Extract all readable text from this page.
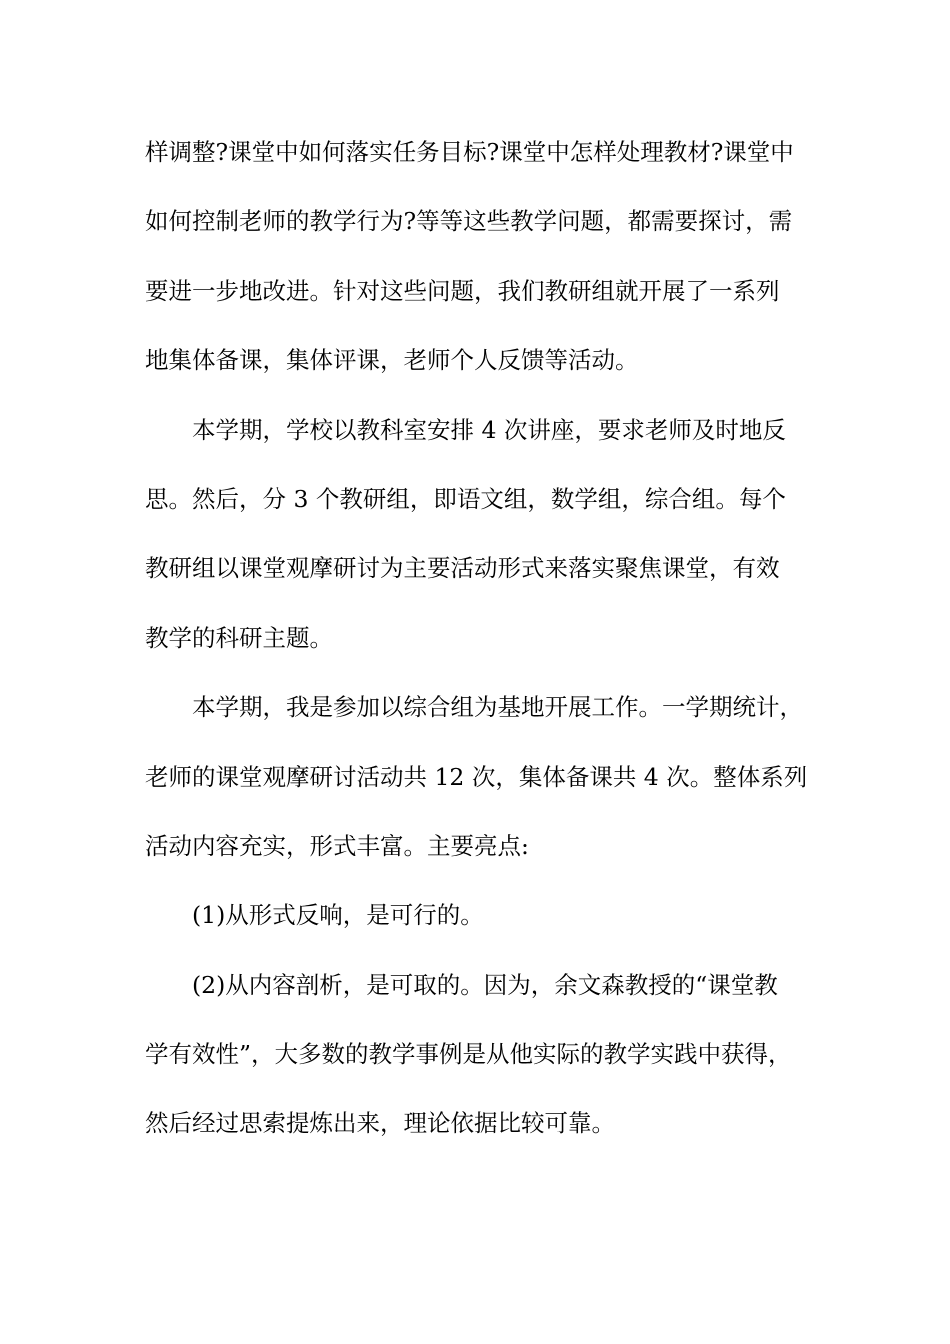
样调整?课堂中如何落实任务目标?课堂中怎样处理教材?课堂中
如何控制老师的教学行为?等等这些教学问题，都需要探讨，需
要进一步地改进。针对这些问题，我们教研组就开展了一系列
地集体备课，集体评课，老师个人反馈等活动。
本学期，学校以教科室安排 4 次讲座，要求老师及时地反
思。然后，分 3 个教研组，即语文组，数学组，综合组。每个
教研组以课堂观摩研讨为主要活动形式来落实聚焦课堂，有效
教学的科研主题。
本学期，我是参加以综合组为基地开展工作。一学期统计，
老师的课堂观摩研讨活动共 12 次，集体备课共 4 次。整体系列
活动内容充实，形式丰富。主要亮点:
(1)从形式反响，是可行的。
(2)从内容剖析，是可取的。因为，余文森教授的“课堂教
学有效性”，大多数的教学事例是从他实际的教学实践中获得，
然后经过思索提炼出来，理论依据比较可靠。
